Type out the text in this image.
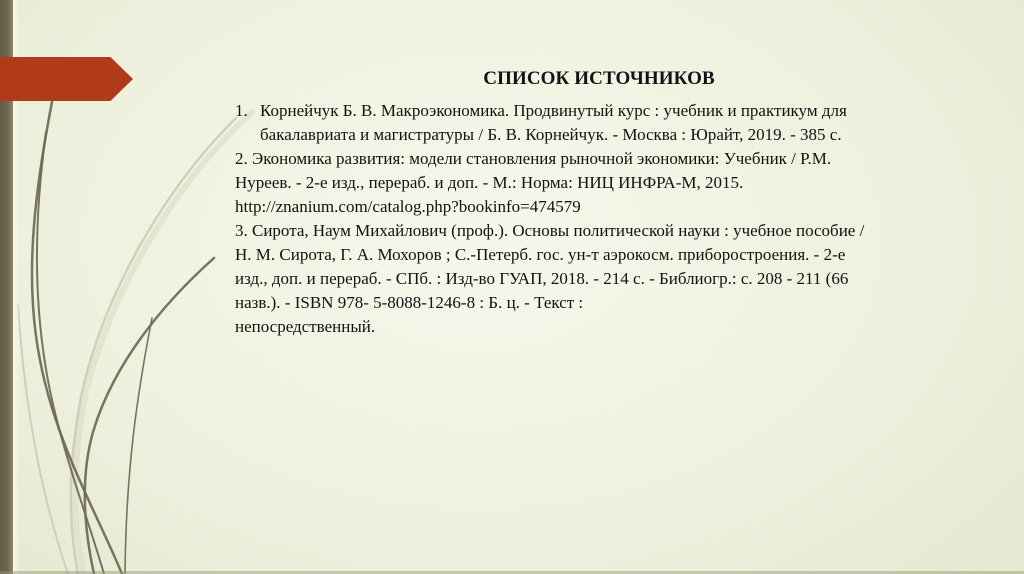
СПИСОК ИСТОЧНИКОВ
1. Корнейчук Б. В. Макроэкономика. Продвинутый курс : учебник и практикум для
бакалавриата и магистратуры / Б. В. Корнейчук. - Москва : Юрайт, 2019. - 385 с.
2. Экономика развития: модели становления рыночной экономики: Учебник / Р.М.
Нуреев. - 2-е изд., перераб. и доп. - М.: Норма: НИЦ ИНФРА-М, 2015.
http://znanium.com/catalog.php?bookinfo=474579
3. Сирота, Наум Михайлович (проф.). Основы политической науки : учебное пособие /
Н. М. Сирота, Г. А. Мохоров ; С.-Петерб. гос. ун-т аэрокосм. приборостроения. - 2-е
изд., доп. и перераб. - СПб. : Изд-во ГУАП, 2018. - 214 с. - Библиогр.: с. 208 - 211 (66
назв.). - ISBN 978- 5-8088-1246-8 : Б. ц. - Текст :
непосредственный.
